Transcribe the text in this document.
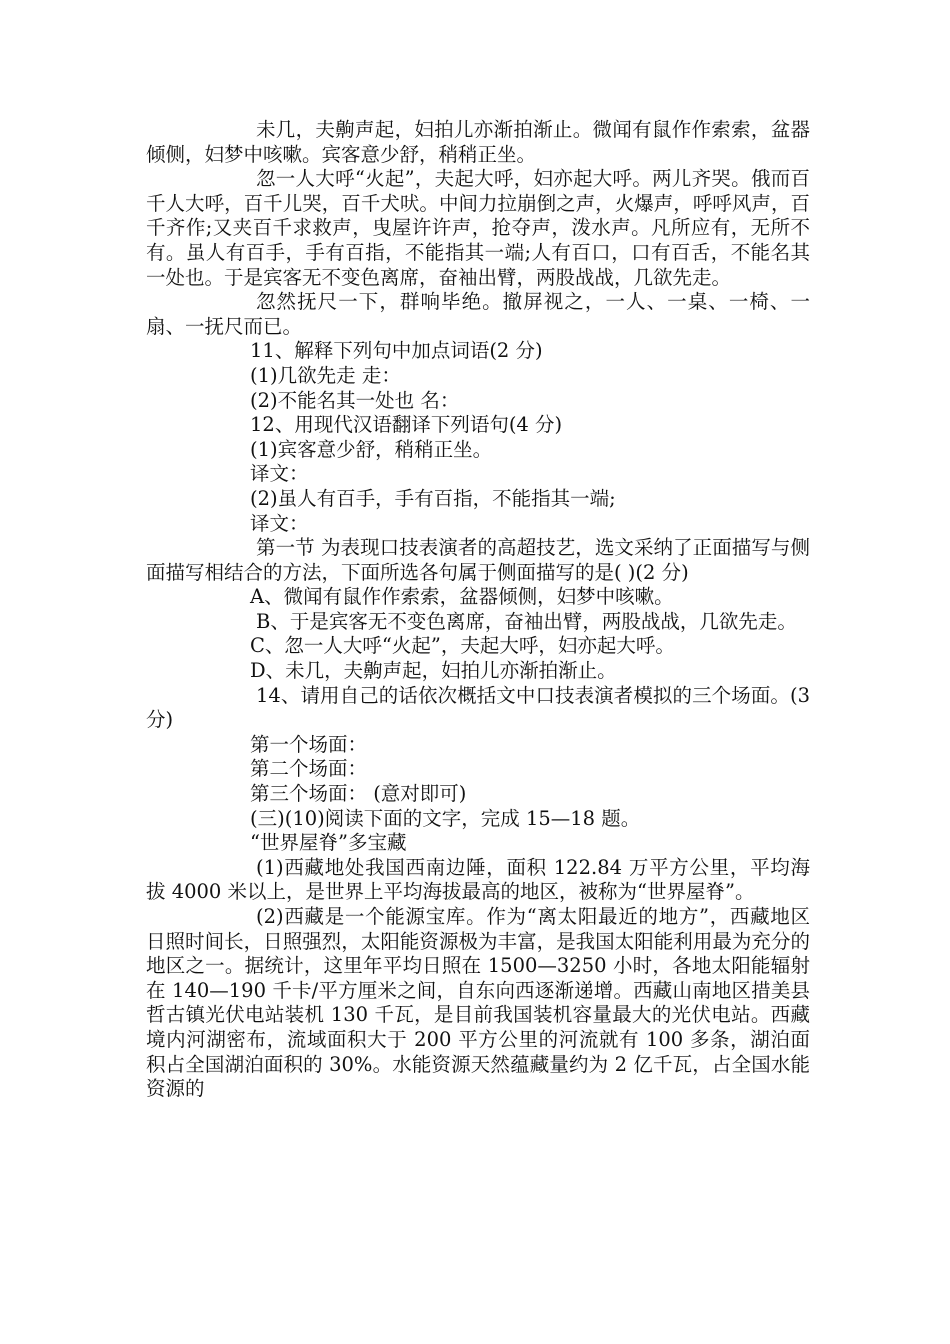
未几，夫齁声起，妇拍儿亦渐拍渐止。微闻有鼠作作索索，盆器倾侧，妇梦中咳嗽。宾客意少舒，稍稍正坐。

忽一人大呼“火起”，夫起大呼，妇亦起大呼。两儿齐哭。俄而百千人大呼，百千儿哭，百千犬吠。中间力拉崩倒之声，火爆声，呼呼风声，百千齐作;又夹百千求救声，曳屋许许声，抢夺声，泼水声。凡所应有，无所不有。虽人有百手，手有百指，不能指其一端;人有百口，口有百舌，不能名其一处也。于是宾客无不变色离席，奋袖出臂，两股战战，几欲先走。

忽然抚尺一下，群响毕绝。撤屏视之，一人、一桌、一椅、一扇、一抚尺而已。

11、解释下列句中加点词语(2 分)

(1)几欲先走 走：

(2)不能名其一处也 名：

12、用现代汉语翻译下列语句(4 分)

(1)宾客意少舒，稍稍正坐。

译文：

(2)虽人有百手，手有百指，不能指其一端;

译文：

第一节 为表现口技表演者的高超技艺，选文采纳了正面描写与侧面描写相结合的方法，下面所选各句属于侧面描写的是( )(2 分)

A、微闻有鼠作作索索，盆器倾侧，妇梦中咳嗽。

B、于是宾客无不变色离席，奋袖出臂，两股战战，几欲先走。

C、忽一人大呼“火起”，夫起大呼，妇亦起大呼。

D、未几，夫齁声起，妇拍儿亦渐拍渐止。

14、请用自己的话依次概括文中口技表演者模拟的三个场面。(3 分)

第一个场面：

第二个场面：

第三个场面： (意对即可)

(三)(10)阅读下面的文字，完成 15—18 题。

“世界屋脊”多宝藏

(1)西藏地处我国西南边陲，面积 122.84 万平方公里，平均海拔 4000 米以上，是世界上平均海拔最高的地区，被称为“世界屋脊”。

(2)西藏是一个能源宝库。作为“离太阳最近的地方”，西藏地区日照时间长，日照强烈，太阳能资源极为丰富，是我国太阳能利用最为充分的地区之一。据统计，这里年平均日照在 1500—3250 小时，各地太阳能辐射在 140—190 千卡/平方厘米之间，自东向西逐渐递增。西藏山南地区措美县哲古镇光伏电站装机 130 千瓦，是目前我国装机容量最大的光伏电站。西藏境内河湖密布，流域面积大于 200 平方公里的河流就有 100 多条，湖泊面积占全国湖泊面积的 30%。水能资源天然蕴藏量约为 2 亿千瓦，占全国水能资源的
